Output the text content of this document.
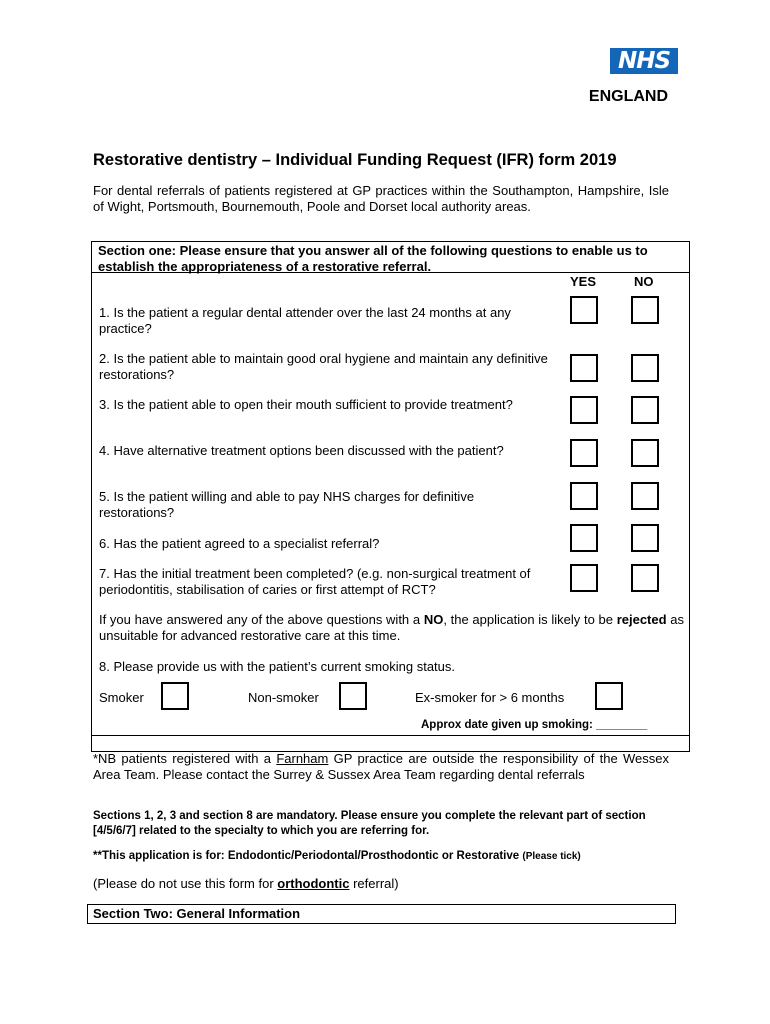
NHS
ENGLAND
Restorative dentistry – Individual Funding Request (IFR) form 2019
For dental referrals of patients registered at GP practices within the Southampton, Hampshire, Isle of Wight, Portsmouth, Bournemouth, Poole and Dorset local authority areas.
Section one: Please ensure that you answer all of the following questions to enable us to establish the appropriateness of a restorative referral.
YES	NO
1. Is the patient a regular dental attender over the last 24 months at any practice?
2. Is the patient able to maintain good oral hygiene and maintain any definitive restorations?
3. Is the patient able to open their mouth sufficient to provide treatment?
4. Have alternative treatment options been discussed with the patient?
5. Is the patient willing and able to pay NHS charges for definitive restorations?
6. Has the patient agreed to a specialist referral?
7. Has the initial treatment been completed? (e.g. non-surgical treatment of periodontitis, stabilisation of caries or first attempt of RCT?
If you have answered any of the above questions with a NO, the application is likely to be rejected as unsuitable for advanced restorative care at this time.
8. Please provide us with the patient’s current smoking status.
Smoker	Non-smoker	Ex-smoker for > 6 months
Approx date given up smoking: ________
*NB patients registered with a Farnham GP practice are outside the responsibility of the Wessex Area Team. Please contact the Surrey & Sussex Area Team regarding dental referrals
Sections 1, 2, 3 and section 8 are mandatory. Please ensure you complete the relevant part of section [4/5/6/7] related to the specialty to which you are referring for.
**This application is for: Endodontic/Periodontal/Prosthodontic or Restorative (Please tick)
(Please do not use this form for orthodontic referral)
Section Two: General Information
